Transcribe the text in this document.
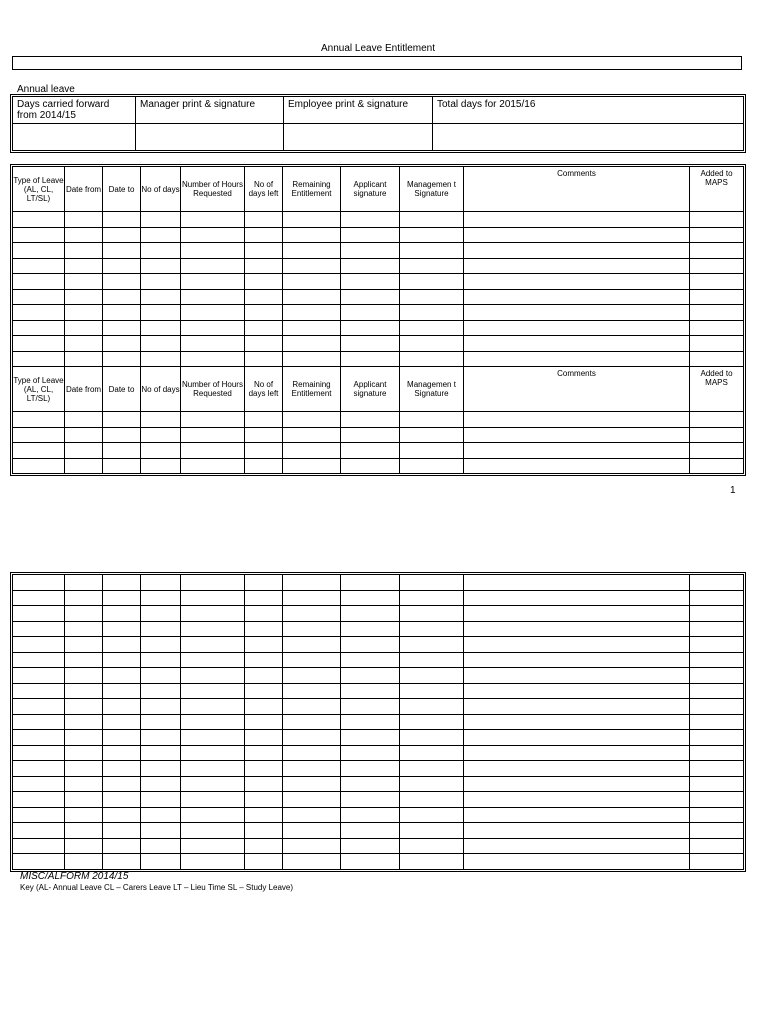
Annual Leave Entitlement
Annual leave
Days carried forward from 2014/15	Manager print & signature	Employee print & signature	Total days for 2015/16

Type of Leave (AL, CL, LT/SL)	Date from	Date to	No of days	Number of Hours Requested	No of days left	Remaining Entitlement	Applicant signature	Managemen t Signature	Comments	Added to MAPS

Type of Leave (AL, CL, LT/SL)	Date from	Date to	No of days	Number of Hours Requested	No of days left	Remaining Entitlement	Applicant signature	Managemen t Signature	Comments	Added to MAPS

1

MISC/ALFORM 2014/15
Key (AL- Annual Leave CL – Carers Leave LT – Lieu Time SL – Study Leave)
